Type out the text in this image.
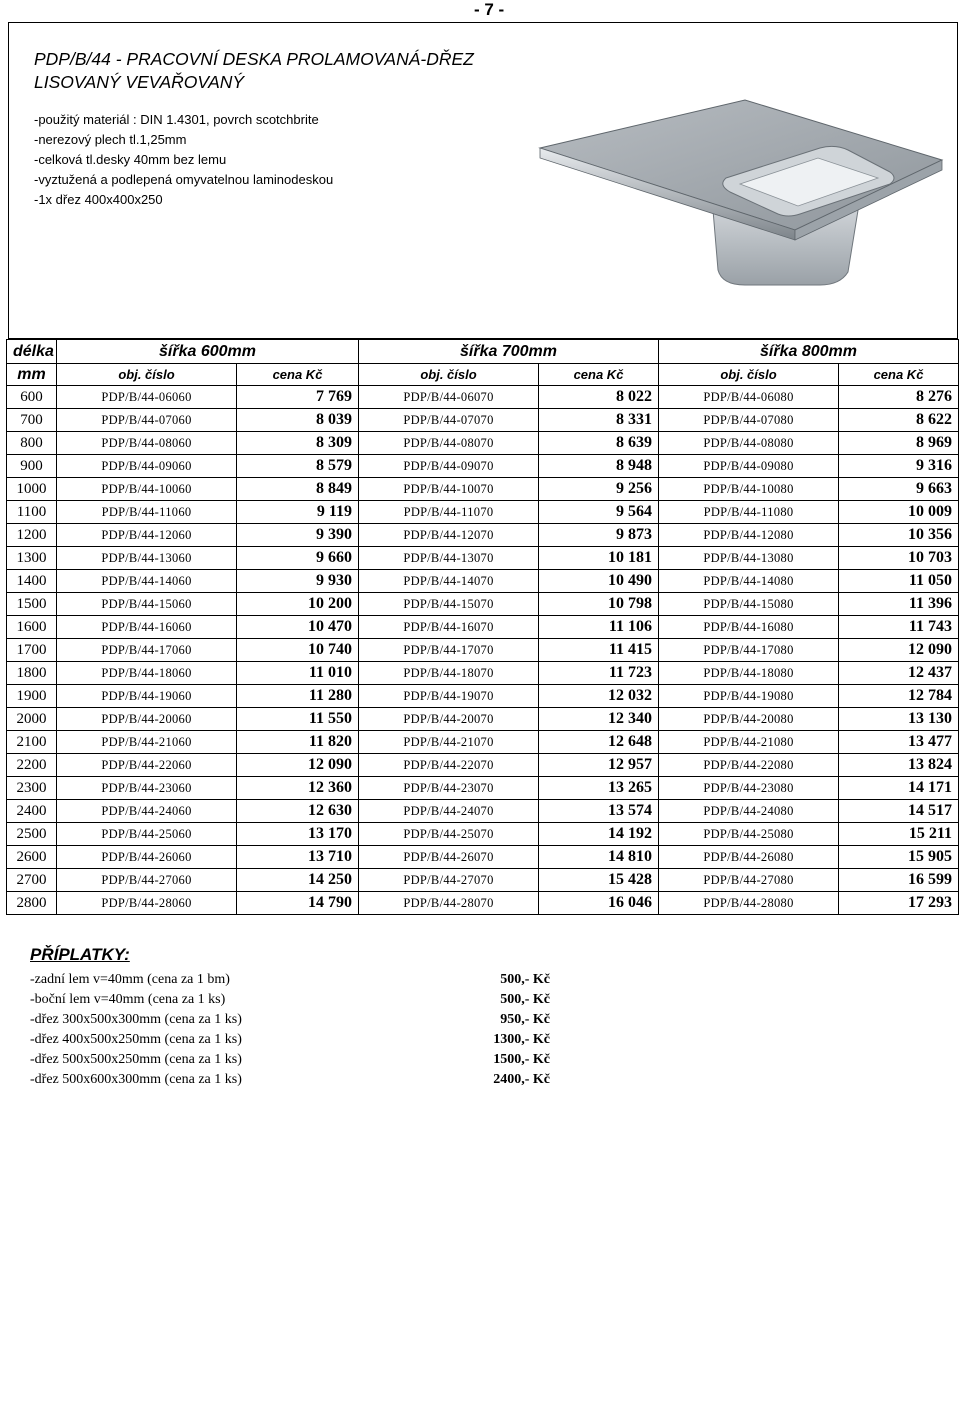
- 7 -
PDP/B/44 - PRACOVNÍ DESKA PROLAMOVANÁ-DŘEZ
LISOVANÝ VEVAŘOVANÝ
-použitý materiál : DIN 1.4301, povrch scotchbrite
-nerezový plech tl.1,25mm
-celková tl.desky 40mm bez lemu
-vyztužená a podlepená omyvatelnou laminodeskou
-1x dřez 400x400x250
délka	šířka 600mm		šířka 700mm		šířka 800mm	
mm	obj. číslo	cena Kč	obj. číslo	cena Kč	obj. číslo	cena Kč
600	PDP/B/44-06060	7 769	PDP/B/44-06070	8 022	PDP/B/44-06080	8 276
700	PDP/B/44-07060	8 039	PDP/B/44-07070	8 331	PDP/B/44-07080	8 622
800	PDP/B/44-08060	8 309	PDP/B/44-08070	8 639	PDP/B/44-08080	8 969
900	PDP/B/44-09060	8 579	PDP/B/44-09070	8 948	PDP/B/44-09080	9 316
1000	PDP/B/44-10060	8 849	PDP/B/44-10070	9 256	PDP/B/44-10080	9 663
1100	PDP/B/44-11060	9 119	PDP/B/44-11070	9 564	PDP/B/44-11080	10 009
1200	PDP/B/44-12060	9 390	PDP/B/44-12070	9 873	PDP/B/44-12080	10 356
1300	PDP/B/44-13060	9 660	PDP/B/44-13070	10 181	PDP/B/44-13080	10 703
1400	PDP/B/44-14060	9 930	PDP/B/44-14070	10 490	PDP/B/44-14080	11 050
1500	PDP/B/44-15060	10 200	PDP/B/44-15070	10 798	PDP/B/44-15080	11 396
1600	PDP/B/44-16060	10 470	PDP/B/44-16070	11 106	PDP/B/44-16080	11 743
1700	PDP/B/44-17060	10 740	PDP/B/44-17070	11 415	PDP/B/44-17080	12 090
1800	PDP/B/44-18060	11 010	PDP/B/44-18070	11 723	PDP/B/44-18080	12 437
1900	PDP/B/44-19060	11 280	PDP/B/44-19070	12 032	PDP/B/44-19080	12 784
2000	PDP/B/44-20060	11 550	PDP/B/44-20070	12 340	PDP/B/44-20080	13 130
2100	PDP/B/44-21060	11 820	PDP/B/44-21070	12 648	PDP/B/44-21080	13 477
2200	PDP/B/44-22060	12 090	PDP/B/44-22070	12 957	PDP/B/44-22080	13 824
2300	PDP/B/44-23060	12 360	PDP/B/44-23070	13 265	PDP/B/44-23080	14 171
2400	PDP/B/44-24060	12 630	PDP/B/44-24070	13 574	PDP/B/44-24080	14 517
2500	PDP/B/44-25060	13 170	PDP/B/44-25070	14 192	PDP/B/44-25080	15 211
2600	PDP/B/44-26060	13 710	PDP/B/44-26070	14 810	PDP/B/44-26080	15 905
2700	PDP/B/44-27060	14 250	PDP/B/44-27070	15 428	PDP/B/44-27080	16 599
2800	PDP/B/44-28060	14 790	PDP/B/44-28070	16 046	PDP/B/44-28080	17 293
PŘÍPLATKY:
-zadní lem v=40mm (cena za 1 bm)	500,- Kč
-boční lem v=40mm (cena za 1 ks)	500,- Kč
-dřez 300x500x300mm (cena za 1 ks)	950,- Kč
-dřez 400x500x250mm (cena za 1 ks)	1300,- Kč
-dřez 500x500x250mm (cena za 1 ks)	1500,- Kč
-dřez 500x600x300mm (cena za 1 ks)	2400,- Kč
